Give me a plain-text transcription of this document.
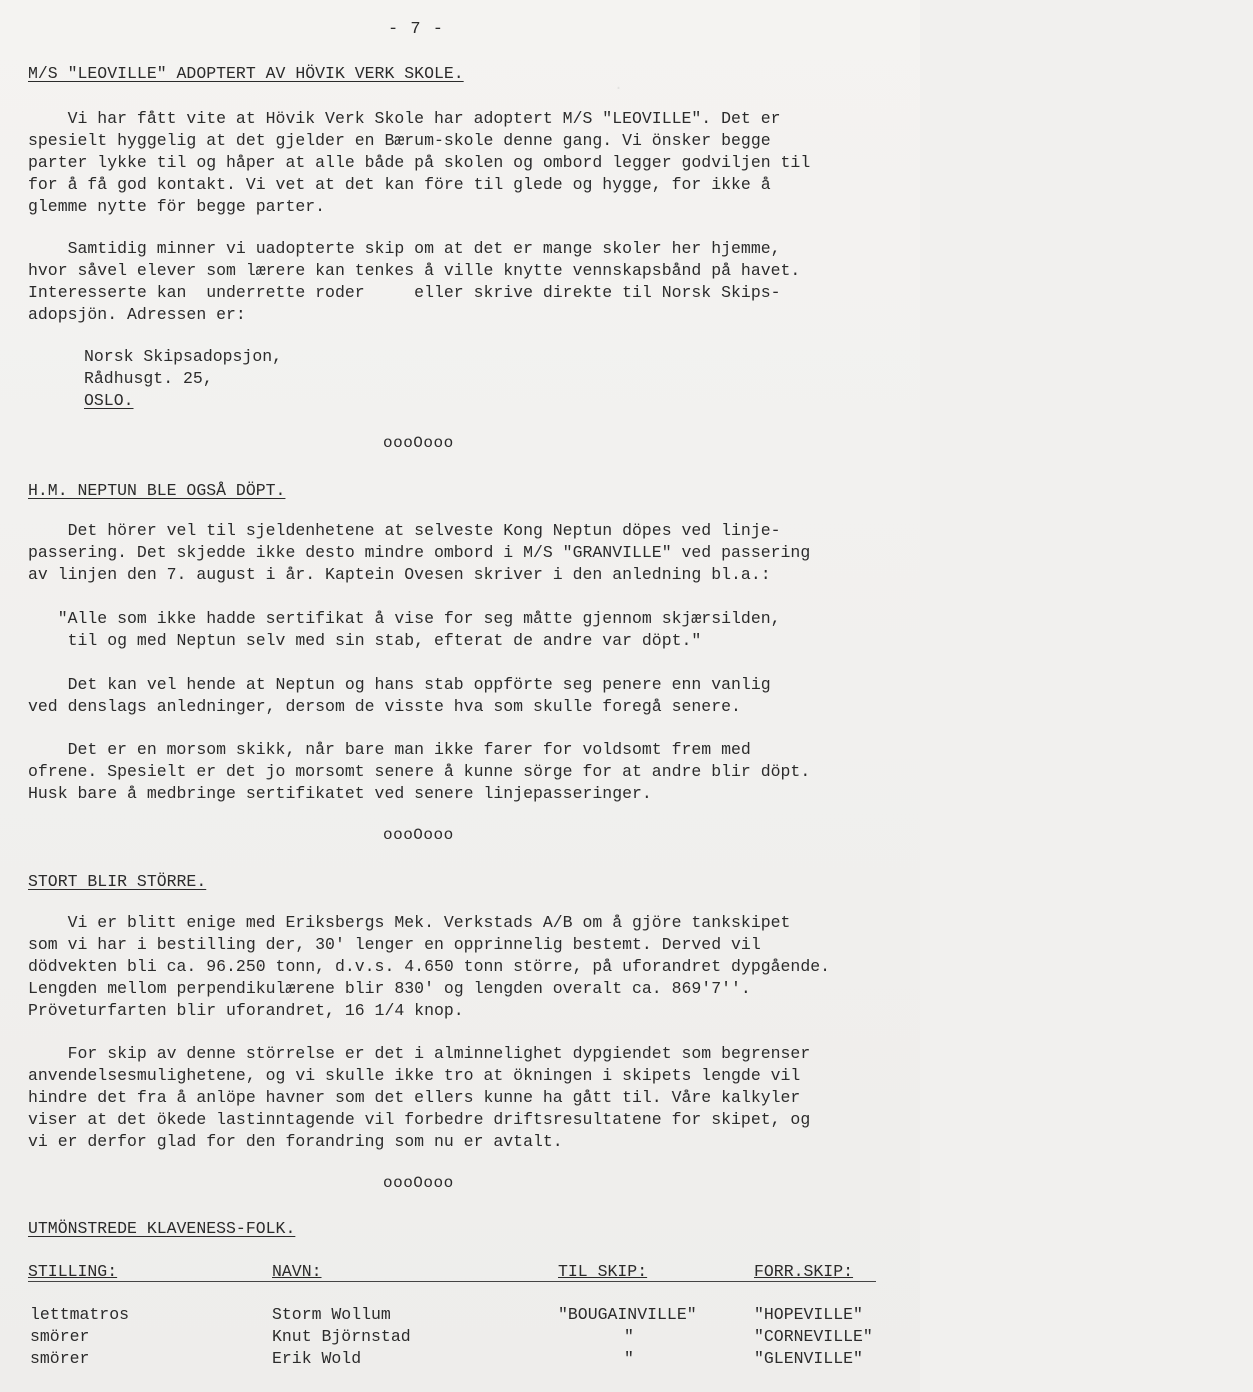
.
- 7 -
M/S "LEOVILLE" ADOPTERT AV HÖVIK VERK SKOLE.
Vi har fått vite at Hövik Verk Skole har adoptert M/S "LEOVILLE". Det er
spesielt hyggelig at det gjelder en Bærum-skole denne gang. Vi önsker begge
parter lykke til og håper at alle både på skolen og ombord legger godviljen til
for å få god kontakt. Vi vet at det kan före til glede og hygge, for ikke å
glemme nytte för begge parter.
Samtidig minner vi uadopterte skip om at det er mange skoler her hjemme,
hvor såvel elever som lærere kan tenkes å ville knytte vennskapsbånd på havet.
Interesserte kan  underrette roder     eller skrive direkte til Norsk Skips-
adopsjön. Adressen er:
Norsk Skipsadopsjon,
Rådhusgt. 25,
OSLO.
oooOooo
H.M. NEPTUN BLE OGSÅ DÖPT.
Det hörer vel til sjeldenhetene at selveste Kong Neptun döpes ved linje-
passering. Det skjedde ikke desto mindre ombord i M/S "GRANVILLE" ved passering
av linjen den 7. august i år. Kaptein Ovesen skriver i den anledning bl.a.:
"Alle som ikke hadde sertifikat å vise for seg måtte gjennom skjærsilden,
til og med Neptun selv med sin stab, efterat de andre var döpt."
Det kan vel hende at Neptun og hans stab oppförte seg penere enn vanlig
ved denslags anledninger, dersom de visste hva som skulle foregå senere.
Det er en morsom skikk, når bare man ikke farer for voldsomt frem med
ofrene. Spesielt er det jo morsomt senere å kunne sörge for at andre blir döpt.
Husk bare å medbringe sertifikatet ved senere linjepasseringer.
oooOooo
STORT BLIR STÖRRE.
Vi er blitt enige med Eriksbergs Mek. Verkstads A/B om å gjöre tankskipet
som vi har i bestilling der, 30' lenger en opprinnelig bestemt. Derved vil
dödvekten bli ca. 96.250 tonn, d.v.s. 4.650 tonn större, på uforandret dypgående.
Lengden mellom perpendikulærene blir 830' og lengden overalt ca. 869'7''.
Pröveturfarten blir uforandret, 16 1/4 knop.
For skip av denne störrelse er det i alminnelighet dypgiendet som begrenser
anvendelsesmulighetene, og vi skulle ikke tro at ökningen i skipets lengde vil
hindre det fra å anlöpe havner som det ellers kunne ha gått til. Våre kalkyler
viser at det ökede lastinntagende vil forbedre driftsresultatene for skipet, og
vi er derfor glad for den forandring som nu er avtalt.
oooOooo
UTMÖNSTREDE KLAVENESS-FOLK.
STILLING:	NAVN:	TIL SKIP:	FORR.SKIP:
lettmatros	Storm Wollum	"BOUGAINVILLE"	"HOPEVILLE"
smörer	Knut Björnstad	"	"CORNEVILLE"
smörer	Erik Wold	"	"GLENVILLE"
